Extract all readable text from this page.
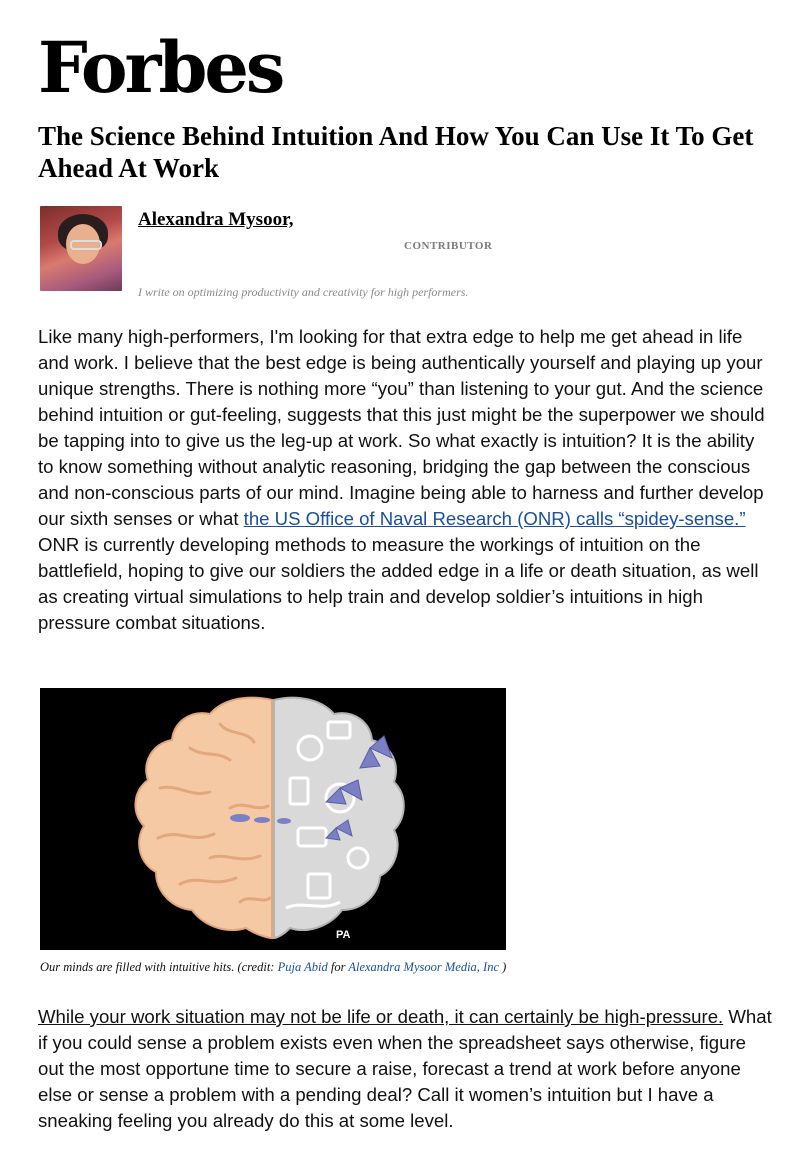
Forbes
The Science Behind Intuition And How You Can Use It To Get Ahead At Work
Alexandra Mysoor,
CONTRIBUTOR
I write on optimizing productivity and creativity for high performers.

Like many high-performers, I'm looking for that extra edge to help me get ahead in life and work. I believe that the best edge is being authentically yourself and playing up your unique strengths. There is nothing more “you” than listening to your gut. And the science behind intuition or gut-feeling, suggests that this just might be the superpower we should be tapping into to give us the leg-up at work. So what exactly is intuition? It is the ability to know something without analytic reasoning, bridging the gap between the conscious and non-conscious parts of our mind. Imagine being able to harness and further develop our sixth senses or what the US Office of Naval Research (ONR) calls “spidey-sense.” ONR is currently developing methods to measure the workings of intuition on the battlefield, hoping to give our soldiers the added edge in a life or death situation, as well as creating virtual simulations to help train and develop soldier’s intuitions in high pressure combat situations.

PA
Our minds are filled with intuitive hits. (credit: Puja Abid for Alexandra Mysoor Media, Inc )

While your work situation may not be life or death, it can certainly be high-pressure. What if you could sense a problem exists even when the spreadsheet says otherwise, figure out the most opportune time to secure a raise, forecast a trend at work before anyone else or sense a problem with a pending deal? Call it women’s intuition but I have a sneaking feeling you already do this at some level.
